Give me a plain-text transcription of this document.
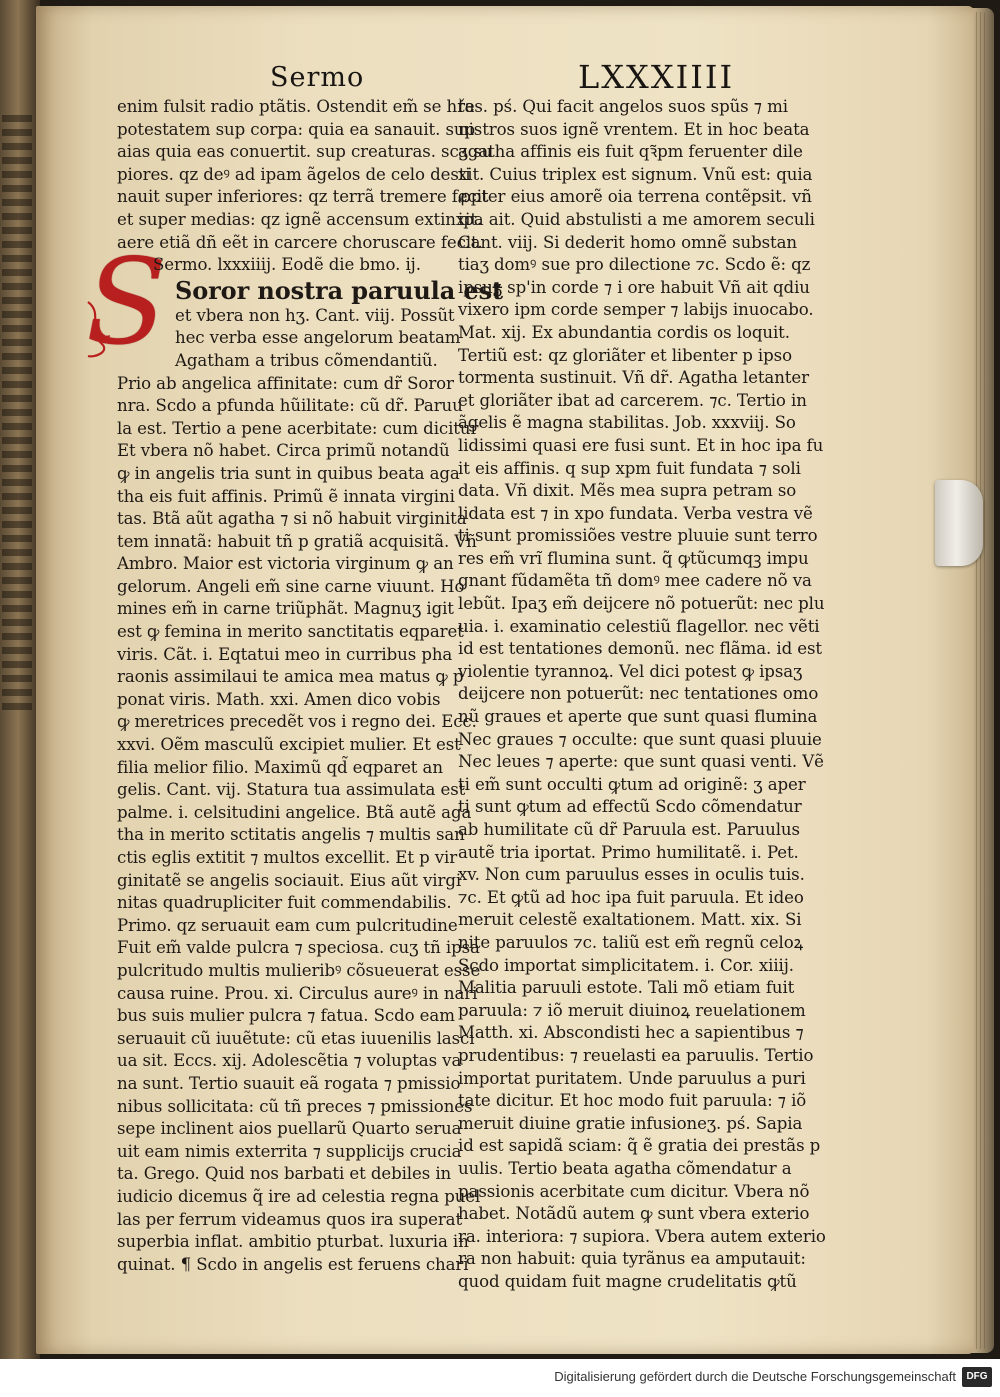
Sermo	LXXXIIII
S
enim fulsit radio ptãtis. Ostendit em̃ se hře
potestatem sup corpa: quia ea sanauit. sup
aias quia eas conuertit. sup creaturas. scʒ su
piores. qz deꝰ ad ipam ãgelos de celo desti
nauit super inferiores: qz terrã tremere fecit
et super medias: qz ignẽ accensum extinxit.
aere etiã dñ eẽt in carcere choruscare fecit.
Sermo. lxxxiiij. Eodẽ die bmo. ij.
Soror nostra paruula est
et vbera non hʒ. Cant. viij. Possũt
hec verba esse angelorum beatam
Agatham a tribus cõmendantiũ.
Prio ab angelica affinitate: cum dr̃ Soror
nra. Scdo a pfunda hũilitate: cũ dr̃. Paruu
la est. Tertio a pene acerbitate: cum dicitur
Et vbera nõ habet. Circa primũ notandũ
ꝙ in angelis tria sunt in quibus beata aga
tha eis fuit affinis. Primũ ẽ innata virgini
tas. Btã aũt agatha ⁊ si nõ habuit virginita
tem innatã: habuit tñ p gratiã acquisitã. Vñ
Ambro. Maior est victoria virginum ꝙ an
gelorum. Angeli em̃ sine carne viuunt. Ho
mines em̃ in carne triũphãt. Magnuʒ igit
est ꝙ femina in merito sanctitatis eqparet
viris. Cãt. i. Eqtatui meo in curribus pha
raonis assimilaui te amica mea matus ꝙ p
ponat viris. Math. xxi. Amen dico vobis
ꝙ meretrices precedẽt vos i regno dei. Ecc.
xxvi. Oẽm masculũ excipiet mulier. Et est
filia melior filio. Maximũ qd̃ eqparet an
gelis. Cant. vij. Statura tua assimulata est
palme. i. celsitudini angelice. Btã autẽ aga
tha in merito sctitatis angelis ⁊ multis san
ctis eglis extitit ⁊ multos excellit. Et p vir
ginitatẽ se angelis sociauit. Eius aũt virgi
nitas quadrupliciter fuit commendabilis.
Primo. qz seruauit eam cum pulcritudine
Fuit em̃ valde pulcra ⁊ speciosa. cuʒ tñ ipsa
pulcritudo multis mulieribꝰ cõsueuerat esse
causa ruine. Prou. xi. Circulus aureꝰ in nari
bus suis mulier pulcra ⁊ fatua. Scdo eam
seruauit cũ iuuẽtute: cũ etas iuuenilis lasci
ua sit. Eccs. xij. Adolescẽtia ⁊ voluptas va
na sunt. Tertio suauit eã rogata ⁊ pmissio
nibus sollicitata: cũ tñ preces ⁊ pmissiones
sepe inclinent aios puellarũ Quarto serua
uit eam nimis exterrita ⁊ supplicijs crucia
ta. Grego. Quid nos barbati et debiles in
iudicio dicemus q̃ ire ad celestia regna puel
las per ferrum videamus quos ira superat
superbia inflat. ambitio pturbat. luxuria in
quinat. ¶ Scdo in angelis est feruens chari
tas. pś. Qui facit angelos suos spũs ⁊ mi
nistros suos ignẽ vrentem. Et in hoc beata
agatha affinis eis fuit qꝛ̃pm feruenter dile
xit. Cuius triplex est signum. Vnũ est: quia
ꝓpter eius amorẽ oia terrena contẽpsit. vñ
ipa ait. Quid abstulisti a me amorem seculi
Cant. viij. Si dederit homo omnẽ substan
tiaʒ domꝰ sue pro dilectione ⁊c. Scdo ẽ: qz
ipsuʒ sp'in corde ⁊ i ore habuit Vñ ait qdiu
vixero ipm corde semper ⁊ labijs inuocabo.
Mat. xij. Ex abundantia cordis os loquit.
Tertiũ est: qz gloriãter et libenter p ipso
tormenta sustinuit. Vñ dr̃. Agatha letanter
et gloriãter ibat ad carcerem. ⁊c. Tertio in
ãgelis ẽ magna stabilitas. Job. xxxviij. So
lidissimi quasi ere fusi sunt. Et in hoc ipa fu
it eis affinis. q sup xpm fuit fundata ⁊ soli
data. Vñ dixit. Mẽs mea supra petram so
lidata est ⁊ in xpo fundata. Verba vestra vẽ
ti sunt promissiões vestre pluuie sunt terro
res em̃ vrĩ flumina sunt. q̃ ꝙtũcumqꝫ impu
gnant fũdamẽta tñ domꝰ mee cadere nõ va
lebũt. Ipaʒ em̃ deijcere nõ potuerũt: nec plu
uia. i. examinatio celestiũ flagellor. nec vẽti
id est tentationes demonũ. nec flãma. id est
violentie tyrannoꝝ. Vel dici potest ꝙ ipsaʒ
deijcere non potuerũt: nec tentationes omo
nũ graues et aperte que sunt quasi flumina
Nec graues ⁊ occulte: que sunt quasi pluuie
Nec leues ⁊ aperte: que sunt quasi venti. Vẽ
ti em̃ sunt occulti ꝙtum ad originẽ: ʒ aper
ti sunt ꝙtum ad effectũ Scdo cõmendatur
ab humilitate cũ dr̃ Paruula est. Paruulus
autẽ tria iportat. Primo humilitatẽ. i. Pet.
xv. Non cum paruulus esses in oculis tuis.
⁊c. Et ꝙtũ ad hoc ipa fuit paruula. Et ideo
meruit celestẽ exaltationem. Matt. xix. Si
nite paruulos ⁊c. taliũ est em̃ regnũ celoꝝ
Scdo importat simplicitatem. i. Cor. xiiij.
Malitia paruuli estote. Tali mõ etiam fuit
paruula: ⁊ iõ meruit diuinoꝝ reuelationem
Matth. xi. Abscondisti hec a sapientibus ⁊
prudentibus: ⁊ reuelasti ea paruulis. Tertio
importat puritatem. Unde paruulus a puri
tate dicitur. Et hoc modo fuit paruula: ⁊ iõ
meruit diuine gratie infusioneʒ. pś. Sapia
id est sapidã sciam: q̃ ẽ gratia dei prestãs p
uulis. Tertio beata agatha cõmendatur a
passionis acerbitate cum dicitur. Vbera nõ
habet. Notãdũ autem ꝙ sunt vbera exterio
ra. interiora: ⁊ supiora. Vbera autem exterio
ra non habuit: quia tyrãnus ea amputauit:
quod quidam fuit magne crudelitatis ꝙtũ
Digitalisierung gefördert durch die Deutsche Forschungsgemeinschaft	DFG
